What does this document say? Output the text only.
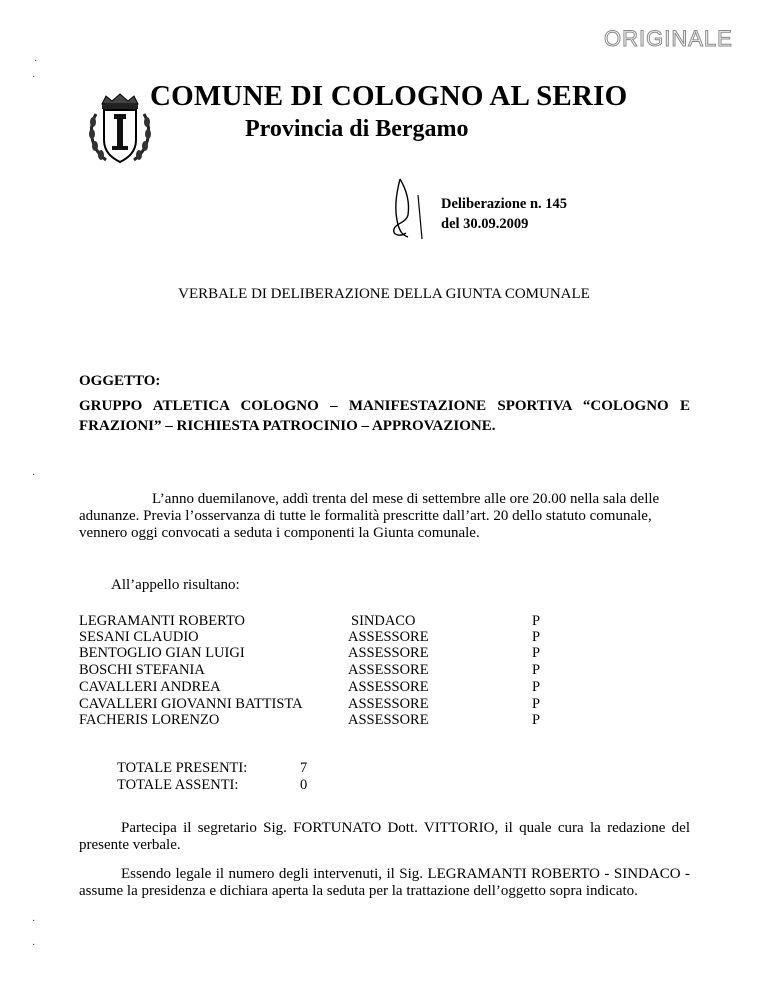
ORIGINALE
·
·
·
·
·
COMUNE DI COLOGNO AL SERIO
Provincia di Bergamo
Deliberazione n. 145
del 30.09.2009
VERBALE DI DELIBERAZIONE DELLA GIUNTA COMUNALE
OGGETTO:
GRUPPO ATLETICA COLOGNO – MANIFESTAZIONE SPORTIVA “COLOGNO E FRAZIONI” – RICHIESTA PATROCINIO – APPROVAZIONE.
L’anno duemilanove, addì trenta del mese di settembre alle ore 20.00 nella sala delle adunanze. Previa l’osservanza di tutte le formalità prescritte dall’art. 20 dello statuto comunale, vennero oggi convocati a seduta i componenti la Giunta comunale.
All’appello risultano:
LEGRAMANTI ROBERTO	SINDACO	P
SESANI CLAUDIO	ASSESSORE	P
BENTOGLIO GIAN LUIGI	ASSESSORE	P
BOSCHI STEFANIA	ASSESSORE	P
CAVALLERI ANDREA	ASSESSORE	P
CAVALLERI GIOVANNI BATTISTA	ASSESSORE	P
FACHERIS LORENZO	ASSESSORE	P
TOTALE PRESENTI:	7
TOTALE ASSENTI:	0
Partecipa il segretario Sig. FORTUNATO Dott. VITTORIO, il quale cura la redazione del presente verbale.
Essendo legale il numero degli intervenuti, il Sig. LEGRAMANTI ROBERTO - SINDACO - assume la presidenza e dichiara aperta la seduta per la trattazione dell’oggetto sopra indicato.
